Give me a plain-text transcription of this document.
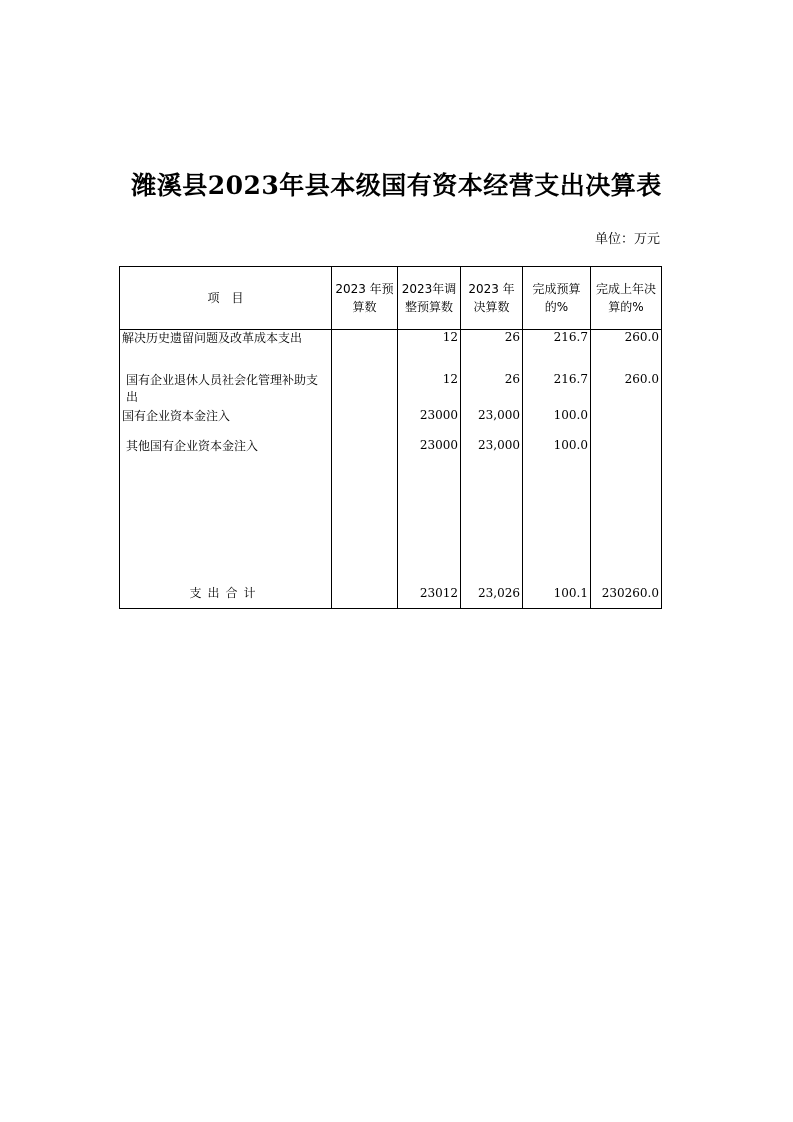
潍溪县2023年县本级国有资本经营支出决算表
单位：万元
项　目	2023 年预算数	2023年调整预算数	2023 年决算数	完成预算的%	完成上年决算的%

解决历史遗留问题及改革成本支出		12	26	216.7	260.0

国有企业退休人员社会化管理补助支出		12	26	216.7	260.0

国有企业资本金注入		23000	23,000	100.0	

其他国有企业资本金注入		23000	23,000	100.0	
支出合计		23012	23,026	100.1	230260.0
